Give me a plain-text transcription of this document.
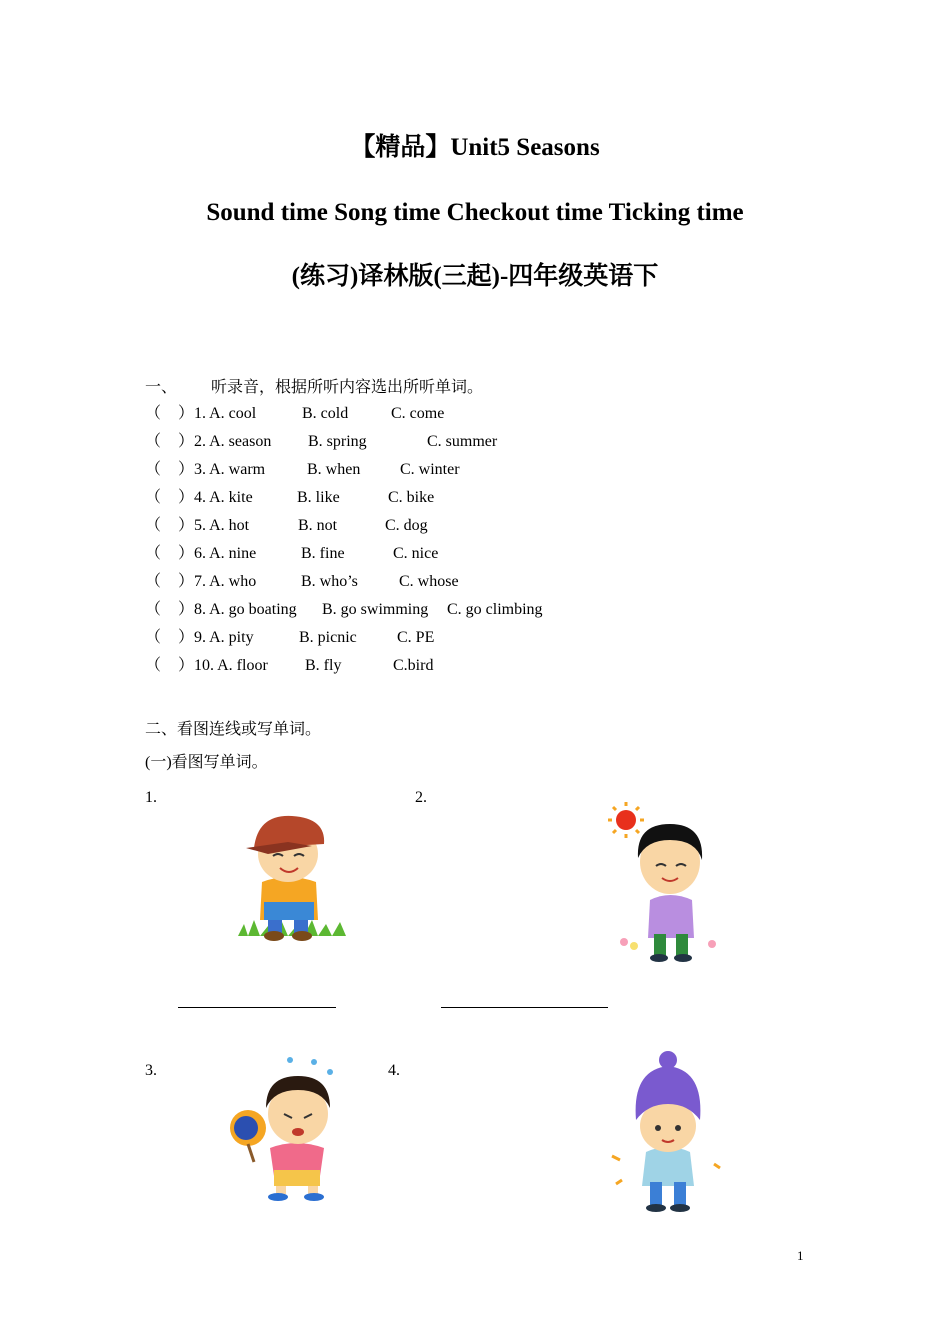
【精品】Unit5 Seasons
Sound time Song time Checkout time Ticking time
(练习)译林版(三起)-四年级英语下
一、 听录音，根据所听内容选出所听单词。
（ ） 1. A. cool	B. cold	C. come
（ ） 2. A. season B. spring	C. summer
（ ） 3. A. warm	B. when C. winter
（ ） 4. A. kite	B. like	C. bike
（ ） 5. A. hot	B. not	C. dog
（ ） 6. A. nine	B. fine	C. nice
（ ） 7. A. who	B. who’s	C. whose
（ ） 8. A. go boating B. go swimming C. go climbing
（ ） 9. A. pity	B. picnic	C. PE
（ ） 10. A. floor B. fly	C.bird
二、看图连线或写单词。
(一)看图写单词。
1.	2.
3.	4.
1
